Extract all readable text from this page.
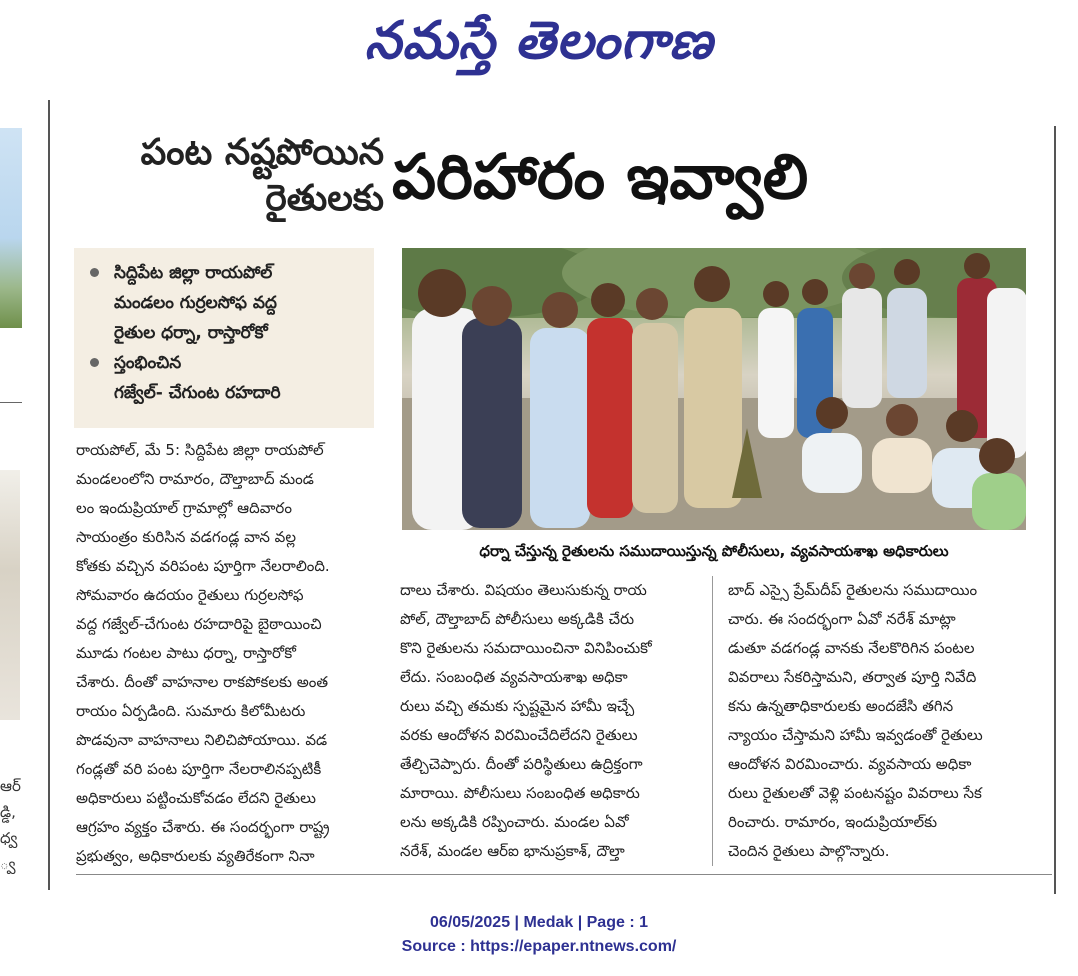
నమస్తే తెలంగాణ
ఆర్
డ్డి,
ధ్వ
్వ
పంట నష్టపోయిన
రైతులకు పరిహారం ఇవ్వాలి
సిద్దిపేట జిల్లా రాయపోల్
మండలం గుర్రలసోఫ వద్ద
రైతుల ధర్నా, రాస్తారోకో
స్తంభించిన
గజ్వేల్- చేగుంట రహదారి
ధర్నా చేస్తున్న రైతులను సముదాయిస్తున్న పోలీసులు, వ్యవసాయశాఖ అధికారులు

రాయపోల్‌, మే 5: సిద్దిపేట జిల్లా రాయపోల్‌

మండలంలోని రామారం, దౌల్తాబాద్‌ మండ

లం ఇందుప్రియాల్‌ గ్రామాల్లో ఆదివారం

సాయంత్రం కురిసిన వడగండ్ల వాన వల్ల

కోతకు వచ్చిన వరిపంట పూర్తిగా నేలరాలింది.

సోమవారం ఉదయం రైతులు గుర్రలసోఫ

వద్ద గజ్వేల్‌-చేగుంట రహదారిపై బైఠాయించి

మూడు గంటల పాటు ధర్నా, రాస్తారోకో

చేశారు. దీంతో వాహనాల రాకపోకలకు అంత

రాయం ఏర్పడింది. సుమారు కిలోమీటరు

పొడవునా వాహనాలు నిలిచిపోయాయి. వడ

గండ్లతో వరి పంట పూర్తిగా నేలరాలినప్పటికీ

అధికారులు పట్టించుకోవడం లేదని రైతులు

ఆగ్రహం వ్యక్తం చేశారు. ఈ సందర్భంగా రాష్ట్ర

ప్రభుత్వం, అధికారులకు వ్యతిరేకంగా నినా

దాలు చేశారు. విషయం తెలుసుకున్న రాయ

పోల్‌, దౌల్తాబాద్‌ పోలీసులు అక్కడికి చేరు

కొని రైతులను సమదాయించినా వినిపించుకో

లేదు. సంబంధిత వ్యవసాయశాఖ అధికా

రులు వచ్చి తమకు స్పష్టమైన హామీ ఇచ్చే

వరకు ఆందోళన విరమించేదిలేదని రైతులు

తేల్చిచెప్పారు. దీంతో పరిస్థితులు ఉద్రిక్తంగా

మారాయి. పోలీసులు సంబంధిత అధికారు

లను అక్కడికి రప్పించారు. మండల ఏవో

నరేశ్‌, మండల ఆర్‌ఐ భానుప్రకాశ్‌, దౌల్తా

బాద్‌ ఎస్సై ప్రేమ్‌దీప్‌ రైతులను సముదాయిం

చారు. ఈ సందర్భంగా ఏవో నరేశ్‌ మాట్లా

డుతూ వడగండ్ల వానకు నేలకొరిగిన పంటల

వివరాలు సేకరిస్తామని, తర్వాత పూర్తి నివేది

కను ఉన్నతాధికారులకు అందజేసి తగిన

న్యాయం చేస్తామని హామీ ఇవ్వడంతో రైతులు

ఆందోళన విరమించారు. వ్యవసాయ అధికా

రులు రైతులతో వెళ్లి పంటనష్టం వివరాలు సేక

రించారు. రామారం, ఇందుప్రియాల్‌కు

చెందిన రైతులు పాల్గొన్నారు.

06/05/2025 | Medak | Page : 1
Source : https://epaper.ntnews.com/
